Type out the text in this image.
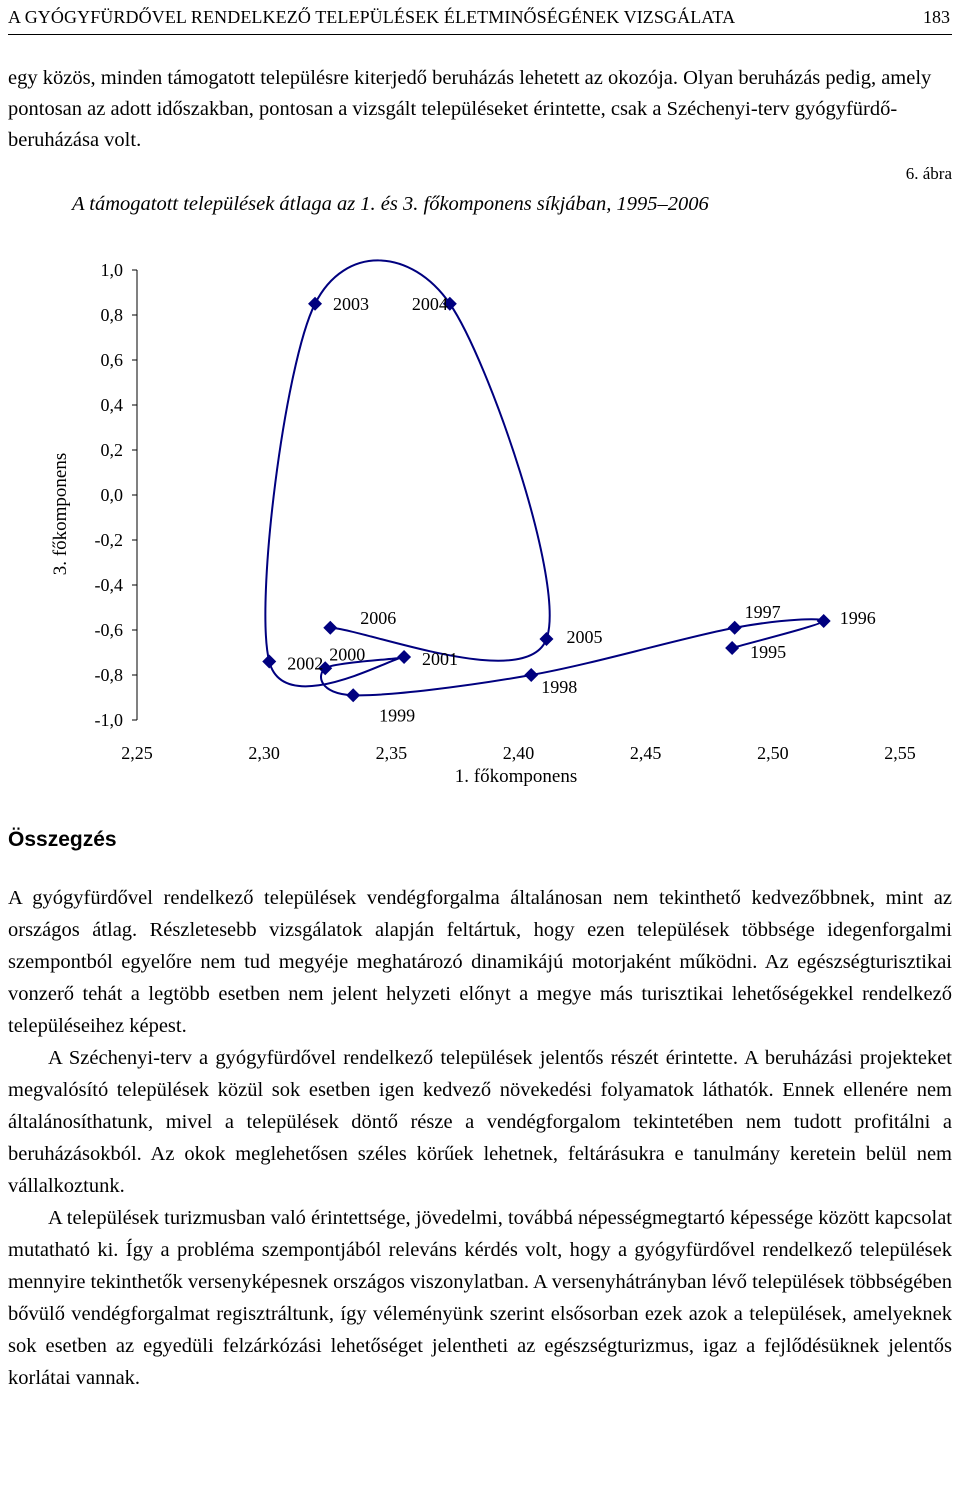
A GYÓGYFÜRDŐVEL RENDELKEZŐ TELEPÜLÉSEK ÉLETMINŐSÉGÉNEK VIZSGÁLATA	183

egy közös, minden támogatott településre kiterjedő beruházás lehetett az okozója. Olyan beruházás pedig, amely pontosan az adott időszakban, pontosan a vizsgált településeket érintette, csak a Széchenyi-terv gyógyfürdő-beruházása volt.

6. ábra
A támogatott települések átlaga az 1. és 3. főkomponens síkjában, 1995–2006
3. főkomponens
1. főkomponens
1,0
0,8
0,6
0,4
0,2
0,0
-0,2
-0,4
-0,6
-0,8
-1,0
2,25	2,30	2,35	2,40	2,45	2,50	2,55
1995
1996
1997
1998
1999
2000	2001
2002
2003 2004
2005
2006
Összegzés

A gyógyfürdővel rendelkező települések vendégforgalma általánosan nem tekinthető kedvezőbbnek, mint az országos átlag. Részletesebb vizsgálatok alapján feltártuk, hogy ezen települések többsége idegenforgalmi szempontból egyelőre nem tud megyéje meghatározó dinamikájú motorjaként működni. Az egészségturisztikai vonzerő tehát a legtöbb esetben nem jelent helyzeti előnyt a megye más turisztikai lehetőségekkel rendelkező településeihez képest.

A Széchenyi-terv a gyógyfürdővel rendelkező települések jelentős részét érintette. A beruházási projekteket megvalósító települések közül sok esetben igen kedvező növekedési folyamatok láthatók. Ennek ellenére nem általánosíthatunk, mivel a települések döntő része a vendégforgalom tekintetében nem tudott profitálni a beruházásokból. Az okok meglehetősen széles körűek lehetnek, feltárásukra e tanulmány keretein belül nem vállalkoztunk.

A települések turizmusban való érintettsége, jövedelmi, továbbá népességmegtartó képessége között kapcsolat mutatható ki. Így a probléma szempontjából releváns kérdés volt, hogy a gyógyfürdővel rendelkező települések mennyire tekinthetők versenyképesnek országos viszonylatban. A versenyhátrányban lévő települések többségében bővülő vendégforgalmat regisztráltunk, így véleményünk szerint elsősorban ezek azok a települések, amelyeknek sok esetben az egyedüli felzárkózási lehetőséget jelentheti az egészségturizmus, igaz a fejlődésüknek jelentős korlátai vannak.
